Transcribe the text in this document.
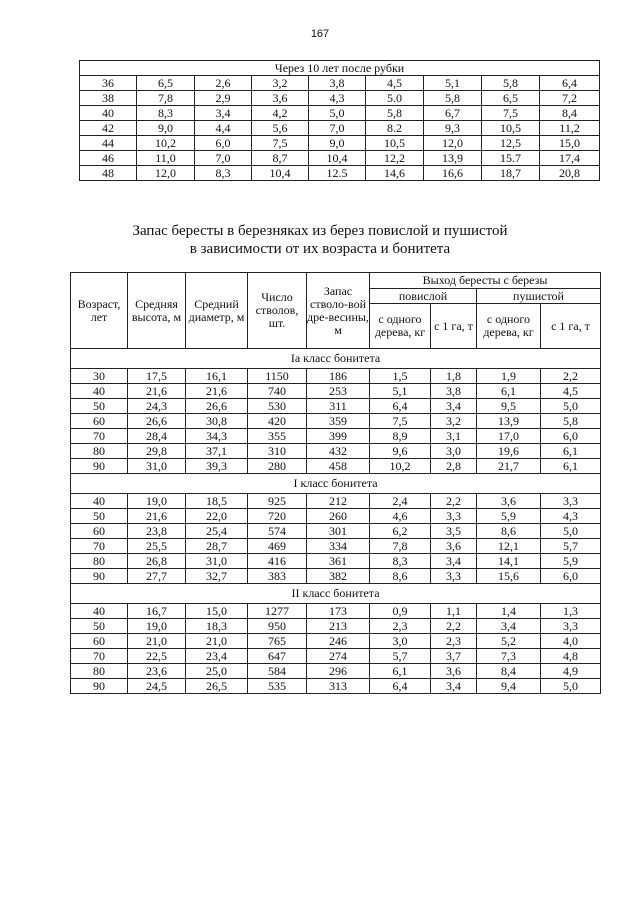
167
Через 10 лет после рубки								
36	6,5	2,6	3,2	3,8	4,5	5,1	5,8	6,4
38	7,8	2,9	3,6	4,3	5.0	5,8	6,5	7,2
40	8,3	3,4	4,2	5,0	5,8	6,7	7,5	8,4
42	9,0	4,4	5,6	7,0	8.2	9,3	10,5	11,2
44	10,2	6,0	7,5	9,0	10,5	12,0	12,5	15,0
46	11,0	7,0	8,7	10,4	12,2	13,9	15.7	17,4
48	12,0	8,3	10,4	12.5	14,6	16,6	18,7	20,8
Запас бересты в березняках из берез повислой и пушистой
в зависимости от их возраста и бонитета
Возраст, лет	Средняя высота, м	Средний диаметр, м	Число стволов, шт.	Запас стволо-вой дре-весины, м	Выход бересты с березы			
					повислой		пушистой	
					с одного дерева, кг	с 1 га, т	с одного дерева, кг	с 1 га, т
Ia класс бонитета								
30	17,5	16,1	1150	186	1,5	1,8	1,9	2,2
40	21,6	21,6	740	253	5,1	3,8	6,1	4,5
50	24,3	26,6	530	311	6,4	3,4	9,5	5,0
60	26,6	30,8	420	359	7,5	3,2	13,9	5,8
70	28,4	34,3	355	399	8,9	3,1	17,0	6,0
80	29,8	37,1	310	432	9,6	3,0	19,6	6,1
90	31,0	39,3	280	458	10,2	2,8	21,7	6,1
I класс бонитета								
40	19,0	18,5	925	212	2,4	2,2	3,6	3,3
50	21,6	22,0	720	260	4,6	3,3	5,9	4,3
60	23,8	25,4	574	301	6,2	3,5	8,6	5,0
70	25,5	28,7	469	334	7,8	3,6	12,1	5,7
80	26,8	31,0	416	361	8,3	3,4	14,1	5,9
90	27,7	32,7	383	382	8,6	3,3	15,6	6,0
II класс бонитета								
40	16,7	15,0	1277	173	0,9	1,1	1,4	1,3
50	19,0	18,3	950	213	2,3	2,2	3,4	3,3
60	21,0	21,0	765	246	3,0	2,3	5,2	4,0
70	22,5	23,4	647	274	5,7	3,7	7,3	4,8
80	23,6	25,0	584	296	6,1	3,6	8,4	4,9
90	24,5	26,5	535	313	6,4	3,4	9,4	5,0
